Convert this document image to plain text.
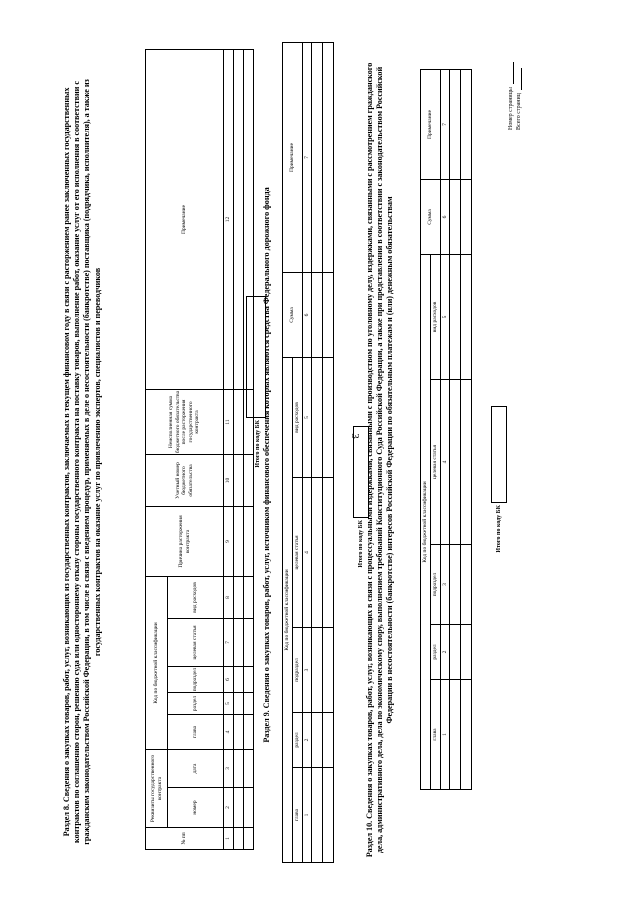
3
Раздел 8. Сведения о закупках товаров, работ, услуг, возникающих из государственных контрактов, заключаемых в текущем финансовом году в связи с расторжением ранее заключенных государственных контрактов по соглашению сторон, решению суда или одностороннему отказу стороны государственного контракта на поставку товаров, выполнение работ, оказание услуг от его исполнения в соответствии с гражданским законодательством Российской Федерации, в том числе в связи с введением процедур, применяемых в деле о несостоятельности (банкротстве) поставщика (подрядчика, исполнителя), а также из государственных контрактов на оказание услуг по привлечению экспертов, специалистов и переводчиков
№ пп	Реквизиты государственного контракта		Код по бюджетной классификации					Причина расторжения контракта	Учетный номер бюджетного обязательства	Неисполненная сумма бюджетного обязательства после расторжения государственного контракта	Примечание
	номер	дата	глава	раздел	подраздел	целевая статья	вид расходов				
1	2	3	4	5	6	7	8	9	10	11	12

Итого по коду БК Раздел 9. Сведения о закупках товаров, работ, услуг, источником финансового обеспечения которых являются средства Федерального дорожного фонда Код по бюджетной классификации					Сумма	Примечание
глава	раздел	подраздел	целевая статья	вид расходов		
1	2	3	4	5	6	7

Итого по коду БК Раздел 10. Сведения о закупках товаров, работ, услуг, возникающих в связи с процессуальными издержками, связанными с производством по уголовному делу, издержками, связанными с рассмотрением гражданского дела, административного дела, дела по экономическому спору, выполнением требований Конституционного Суда Российской Федерации, а также при представлении в соответствии с законодательством Российской Федерации в несостоятельности (банкротстве) интересов Российской Федерации по обязательным платежам и (или) денежным обязательствам	Код по бюджетной классификации					Сумма	Примечание
глава	раздел	подраздел	целевая статья	вид расходов		
1	2	3	4	5	6	7

Итого по коду БК
Номер страницы Всего страниц
